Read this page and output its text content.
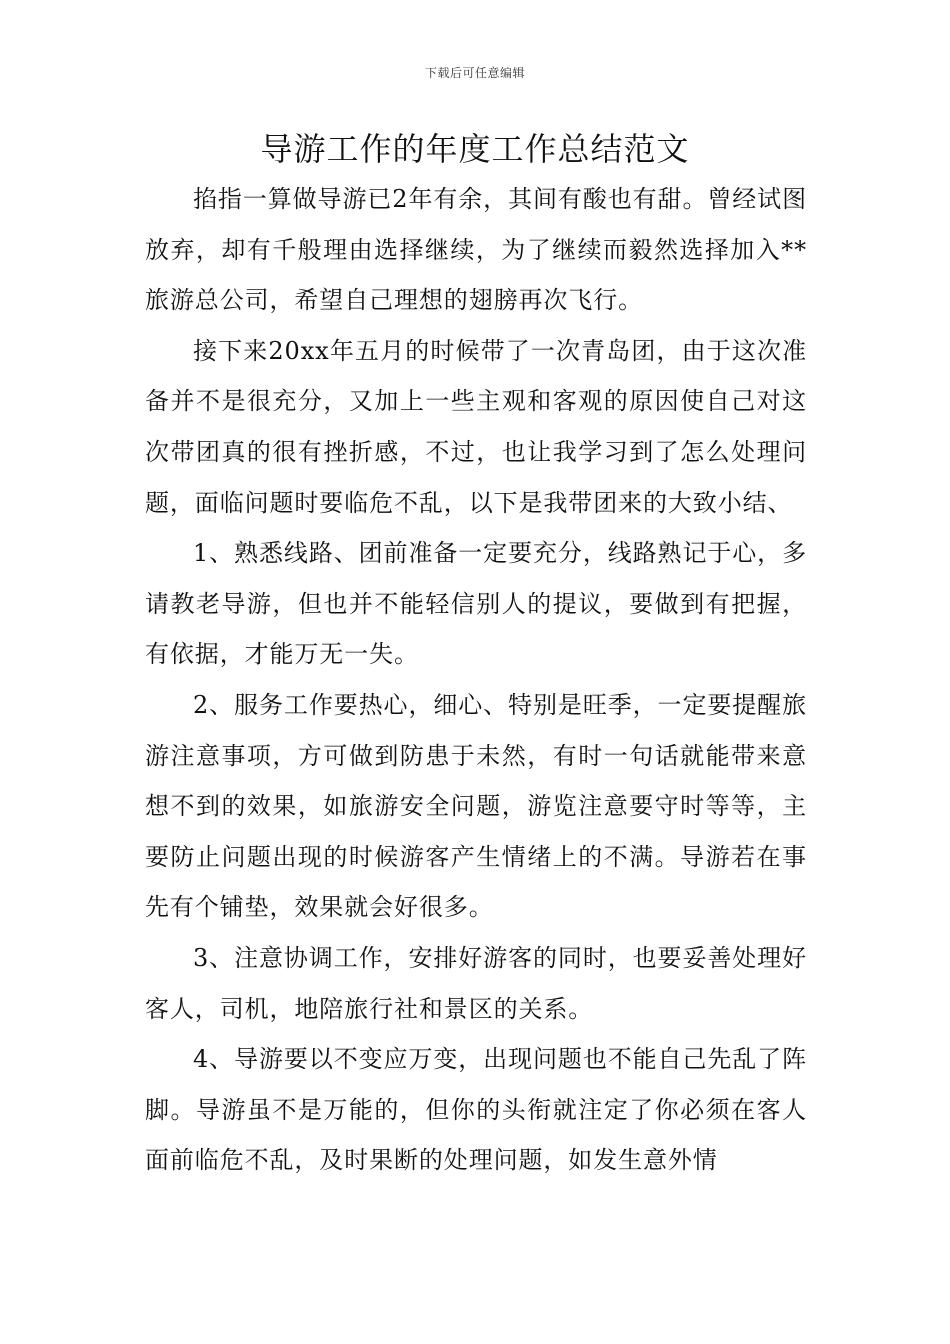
下载后可任意编辑
导游工作的年度工作总结范文

掐指一算做导游已2年有余，其间有酸也有甜。曾经试图放弃，却有千般理由选择继续，为了继续而毅然选择加入**旅游总公司，希望自己理想的翅膀再次飞行。

接下来20xx年五月的时候带了一次青岛团，由于这次准备并不是很充分，又加上一些主观和客观的原因使自己对这次带团真的很有挫折感，不过，也让我学习到了怎么处理问题，面临问题时要临危不乱，以下是我带团来的大致小结、

1、熟悉线路、团前准备一定要充分，线路熟记于心，多请教老导游，但也并不能轻信别人的提议，要做到有把握，有依据，才能万无一失。

2、服务工作要热心，细心、特别是旺季，一定要提醒旅游注意事项，方可做到防患于未然，有时一句话就能带来意想不到的效果，如旅游安全问题，游览注意要守时等等，主要防止问题出现的时候游客产生情绪上的不满。导游若在事先有个铺垫，效果就会好很多。

3、注意协调工作，安排好游客的同时，也要妥善处理好客人，司机，地陪旅行社和景区的关系。

4、导游要以不变应万变，出现问题也不能自己先乱了阵脚。导游虽不是万能的，但你的头衔就注定了你必须在客人面前临危不乱，及时果断的处理问题，如发生意外情
